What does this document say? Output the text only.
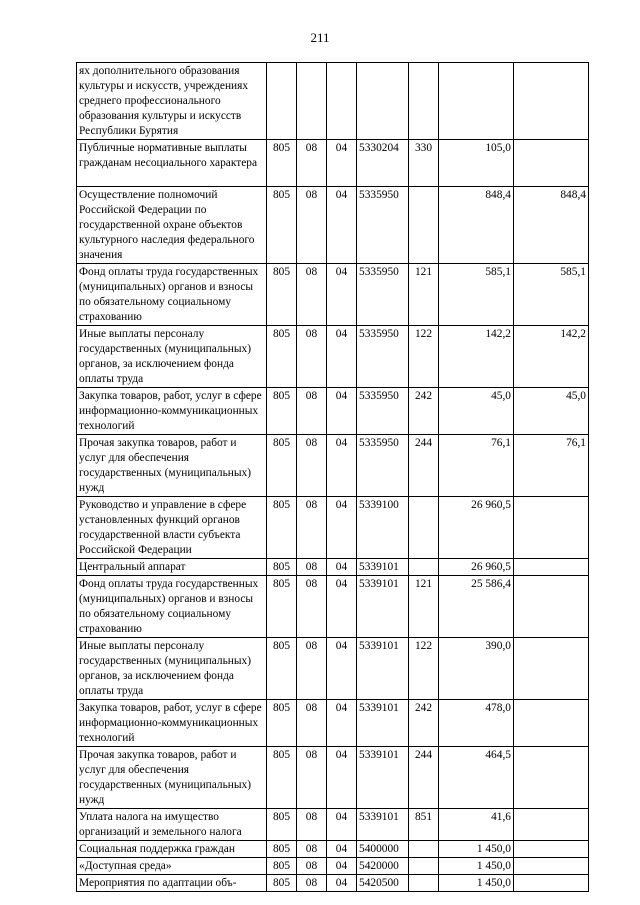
211
ях дополнительного образования культуры и искусств, учреждениях среднего профессионального образования культуры и искусств Республики Бурятия							
Публичные нормативные выплаты гражданам несоциального характера	805	08	04	5330204	330	105,0	
Осуществление полномочий Российской Федерации по государственной охране объектов культурного наследия федерального значения	805	08	04	5335950		848,4	848,4
Фонд оплаты труда государственных (муниципальных) органов и взносы по обязательному социальному страхованию	805	08	04	5335950	121	585,1	585,1
Иные выплаты персоналу государственных (муниципальных) органов, за исключением фонда оплаты труда	805	08	04	5335950	122	142,2	142,2
Закупка товаров, работ, услуг в сфере информационно-коммуникационных технологий	805	08	04	5335950	242	45,0	45,0
Прочая закупка товаров, работ и услуг для обеспечения государственных (муниципальных) нужд	805	08	04	5335950	244	76,1	76,1
Руководство и управление в сфере установленных функций органов государственной власти субъекта Российской Федерации	805	08	04	5339100		26 960,5	
Центральный аппарат	805	08	04	5339101		26 960,5	
Фонд оплаты труда государственных (муниципальных) органов и взносы по обязательному социальному страхованию	805	08	04	5339101	121	25 586,4	
Иные выплаты персоналу государственных (муниципальных) органов, за исключением фонда оплаты труда	805	08	04	5339101	122	390,0	
Закупка товаров, работ, услуг в сфере информационно-коммуникационных технологий	805	08	04	5339101	242	478,0	
Прочая закупка товаров, работ и услуг для обеспечения государственных (муниципальных) нужд	805	08	04	5339101	244	464,5	
Уплата налога на имущество организаций и земельного налога	805	08	04	5339101	851	41,6	
Социальная поддержка граждан	805	08	04	5400000		1 450,0	
«Доступная среда»	805	08	04	5420000		1 450,0	
Мероприятия по адаптации объ-	805	08	04	5420500		1 450,0	
